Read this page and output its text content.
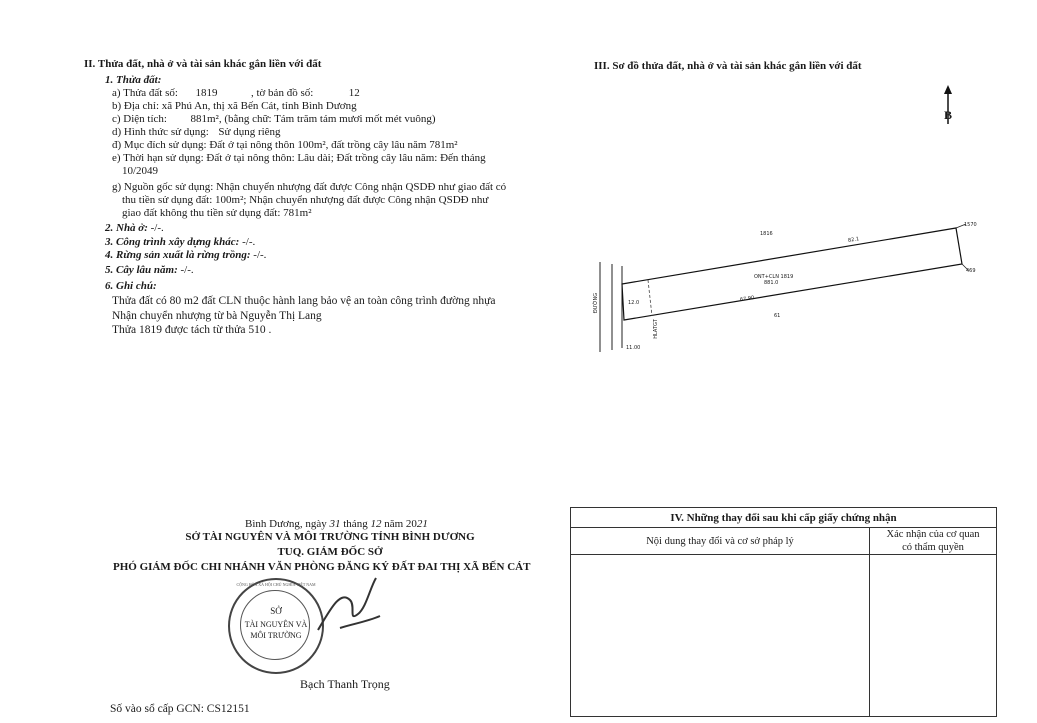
II. Thửa đất, nhà ở và tài sản khác gắn liền với đất
1. Thửa đất:
a) Thửa đất số: 1819	, tờ bản đồ số:	12
b) Địa chỉ: xã Phú An, thị xã Bến Cát, tỉnh Bình Dương
c) Diện tích: 881m², (bằng chữ: Tám trăm tám mươi mốt mét vuông)
d) Hình thức sử dụng: Sử dụng riêng
đ) Mục đích sử dụng: Đất ở tại nông thôn 100m², đất trồng cây lâu năm 781m²
e) Thời hạn sử dụng: Đất ở tại nông thôn: Lâu dài; Đất trồng cây lâu năm: Đến tháng
10/2049
g) Nguồn gốc sử dụng: Nhận chuyển nhượng đất được Công nhận QSDĐ như giao đất có
thu tiền sử dụng đất: 100m²; Nhận chuyển nhượng đất được Công nhận QSDĐ như
giao đất không thu tiền sử dụng đất: 781m²
2. Nhà ở: -/-.
3. Công trình xây dựng khác: -/-.
4. Rừng sản xuất là rừng trồng: -/-.
5. Cây lâu năm: -/-.
6. Ghi chú:
Thửa đất có 80 m2 đất CLN thuộc hành lang bảo vệ an toàn công trình đường nhựa
Nhận chuyển nhượng từ bà Nguyễn Thị Lang
Thửa 1819 được tách từ thửa 510 .
III. Sơ đồ thửa đất, nhà ở và tài sản khác gắn liền với đất
B
1816
1570
469
82.1
ONT+CLN 1819
881.0
67.90
61
12.0
11.00
ĐƯỜNG
HLATGT
Bình Dương, ngày 31 tháng 12 năm 2021
SỞ TÀI NGUYÊN VÀ MÔI TRƯỜNG TỈNH BÌNH DƯƠNG
TUQ. GIÁM ĐỐC SỞ
PHÓ GIÁM ĐỐC CHI NHÁNH VĂN PHÒNG ĐĂNG KÝ ĐẤT ĐAI THỊ XÃ BẾN CÁT
SỞ
TÀI NGUYÊN VÀ
MÔI TRƯỜNG
CỘNG HÒA XÃ HỘI CHỦ NGHĨA VIỆT NAM
Bạch Thanh Trọng
Số vào sổ cấp GCN: CS12151
IV. Những thay đổi sau khi cấp giấy chứng nhận	
Nội dung thay đổi và cơ sở pháp lý	Xác nhận của cơ quan
có thẩm quyền
